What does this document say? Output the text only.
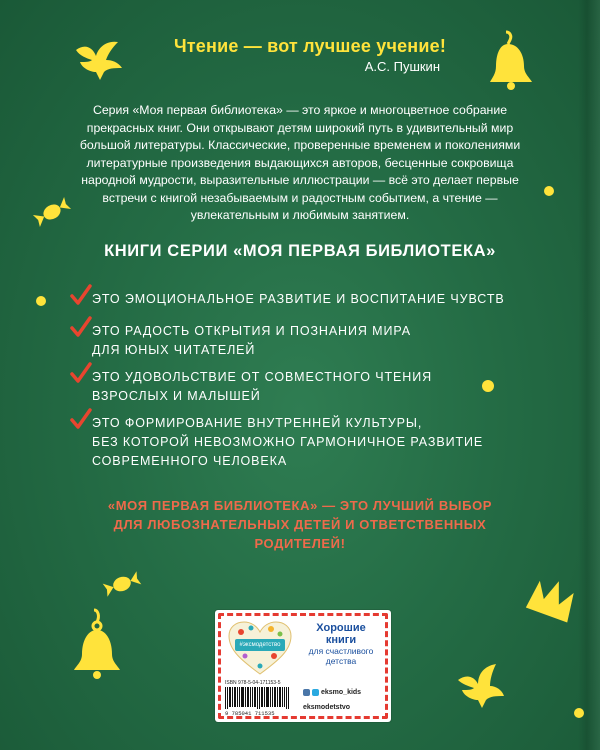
Чтение — вот лучшее учение!
А.С. Пушкин
Серия «Моя первая библиотека» — это яркое и многоцветное собрание
прекрасных книг. Они открывают детям широкий путь в удивительный мир
большой литературы. Классические, проверенные временем и поколениями
литературные произведения выдающихся авторов, бесценные сокровища
народной мудрости, выразительные иллюстрации — всё это делает первые
встречи с книгой незабываемым и радостным событием, а чтение —
увлекательным и любимым занятием.
КНИГИ СЕРИИ «МОЯ ПЕРВАЯ БИБЛИОТЕКА»
ЭТО ЭМОЦИОНАЛЬНОЕ РАЗВИТИЕ И ВОСПИТАНИЕ ЧУВСТВ
ЭТО РАДОСТЬ ОТКРЫТИЯ И ПОЗНАНИЯ МИРА
ДЛЯ ЮНЫХ ЧИТАТЕЛЕЙ
ЭТО УДОВОЛЬСТВИЕ ОТ СОВМЕСТНОГО ЧТЕНИЯ
ВЗРОСЛЫХ И МАЛЫШЕЙ
ЭТО ФОРМИРОВАНИЕ ВНУТРЕННЕЙ КУЛЬТУРЫ,
БЕЗ КОТОРОЙ НЕВОЗМОЖНО ГАРМОНИЧНОЕ РАЗВИТИЕ
СОВРЕМЕННОГО ЧЕЛОВЕКА
«МОЯ ПЕРВАЯ БИБЛИОТЕКА» — ЭТО ЛУЧШИЙ ВЫБОР
ДЛЯ ЛЮБОЗНАТЕЛЬНЫХ ДЕТЕЙ И ОТВЕТСТВЕННЫХ
РОДИТЕЛЕЙ!
#эксмодетство
Хорошие
книги
для счастливого
детства
ISBN 978-5-04-171153-5
9 785041 711535
eksmo_kids
eksmodetstvo
